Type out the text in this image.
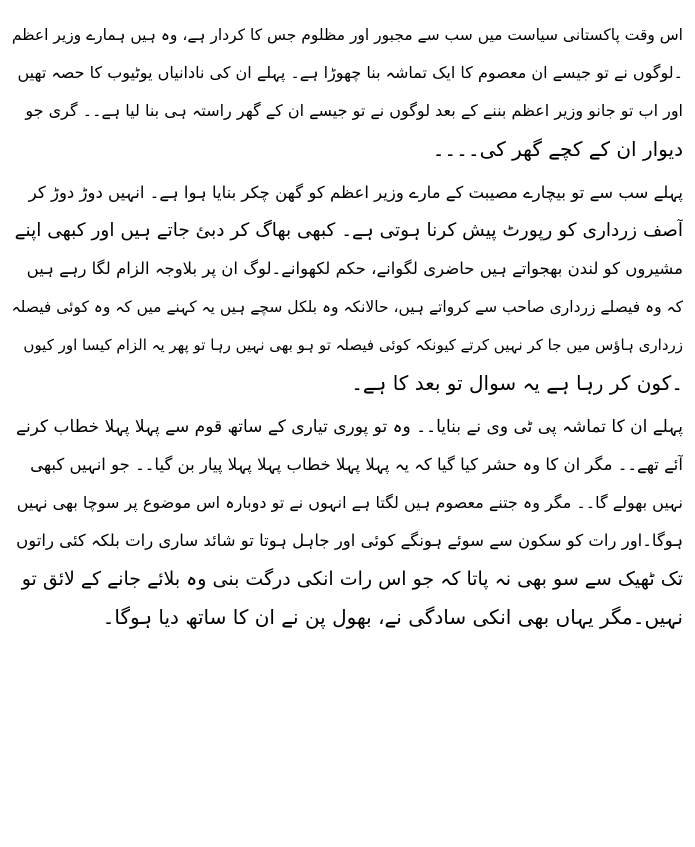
اس وقت پاکستانی سیاست میں سب سے مجبور اور مظلوم جس کا کردار ہے، وہ ہیں ہمارے وزیر اعظم
۔لوگوں نے تو جیسے ان معصوم کا ایک تماشہ بنا چھوڑا ہے۔ پہلے ان کی نادانیاں یوٹیوب کا حصہ تھیں
اور اب تو جانو وزیر اعظم بننے کے بعد لوگوں نے تو جیسے ان کے گھر راستہ ہی بنا لیا ہے۔۔ گری جو
دیوار ان کے کچے گھر کی۔۔۔۔
پہلے سب سے تو بیچارے مصیبت کے مارے وزیر اعظم کو گھن چکر بنایا ہوا ہے۔ انہیں دوڑ دوڑ کر
آصف زرداری کو رپورٹ پیش کرنا ہوتی ہے۔ کبھی بھاگ کر دبئ جاتے ہیں اور کبھی اپنے
مشیروں کو لندن بھجواتے ہیں حاضری لگوانے، حکم لکھوانے۔لوگ ان پر بلاوجہ الزام لگا رہے ہیں
کہ وہ فیصلے زرداری صاحب سے کرواتے ہیں، حالانکہ وہ بلکل سچے ہیں یہ کہنے میں کہ وہ کوئی فیصلہ
زرداری ہاؤس میں جا کر نہیں کرتے کیونکہ کوئی فیصلہ تو ہو بھی نہیں رہا تو پھر یہ الزام کیسا اور کیوں
۔کون کر رہا ہے یہ سوال تو بعد کا ہے۔
پہلے ان کا تماشہ پی ٹی وی نے بنایا۔۔ وہ تو پوری تیاری کے ساتھ قوم سے پہلا پہلا خطاب کرنے
آئے تھے۔۔ مگر ان کا وہ حشر کیا گیا کہ یہ پہلا پہلا خطاب پہلا پہلا پیار بن گیا۔۔ جو انہیں کبھی
نہیں بھولے گا۔۔ مگر وہ جتنے معصوم ہیں لگتا ہے انہوں نے تو دوبارہ اس موضوع پر سوچا بھی نہیں
ہوگا۔اور رات کو سکون سے سوئے ہونگے کوئی اور جاہل ہوتا تو شائد ساری رات بلکہ کئی راتوں
تک ٹھیک سے سو بھی نہ پاتا کہ جو اس رات انکی درگت بنی وہ بلائے جانے کے لائق تو
نہیں۔مگر یہاں بھی انکی سادگی نے، بھول پن نے ان کا ساتھ دیا ہوگا۔
